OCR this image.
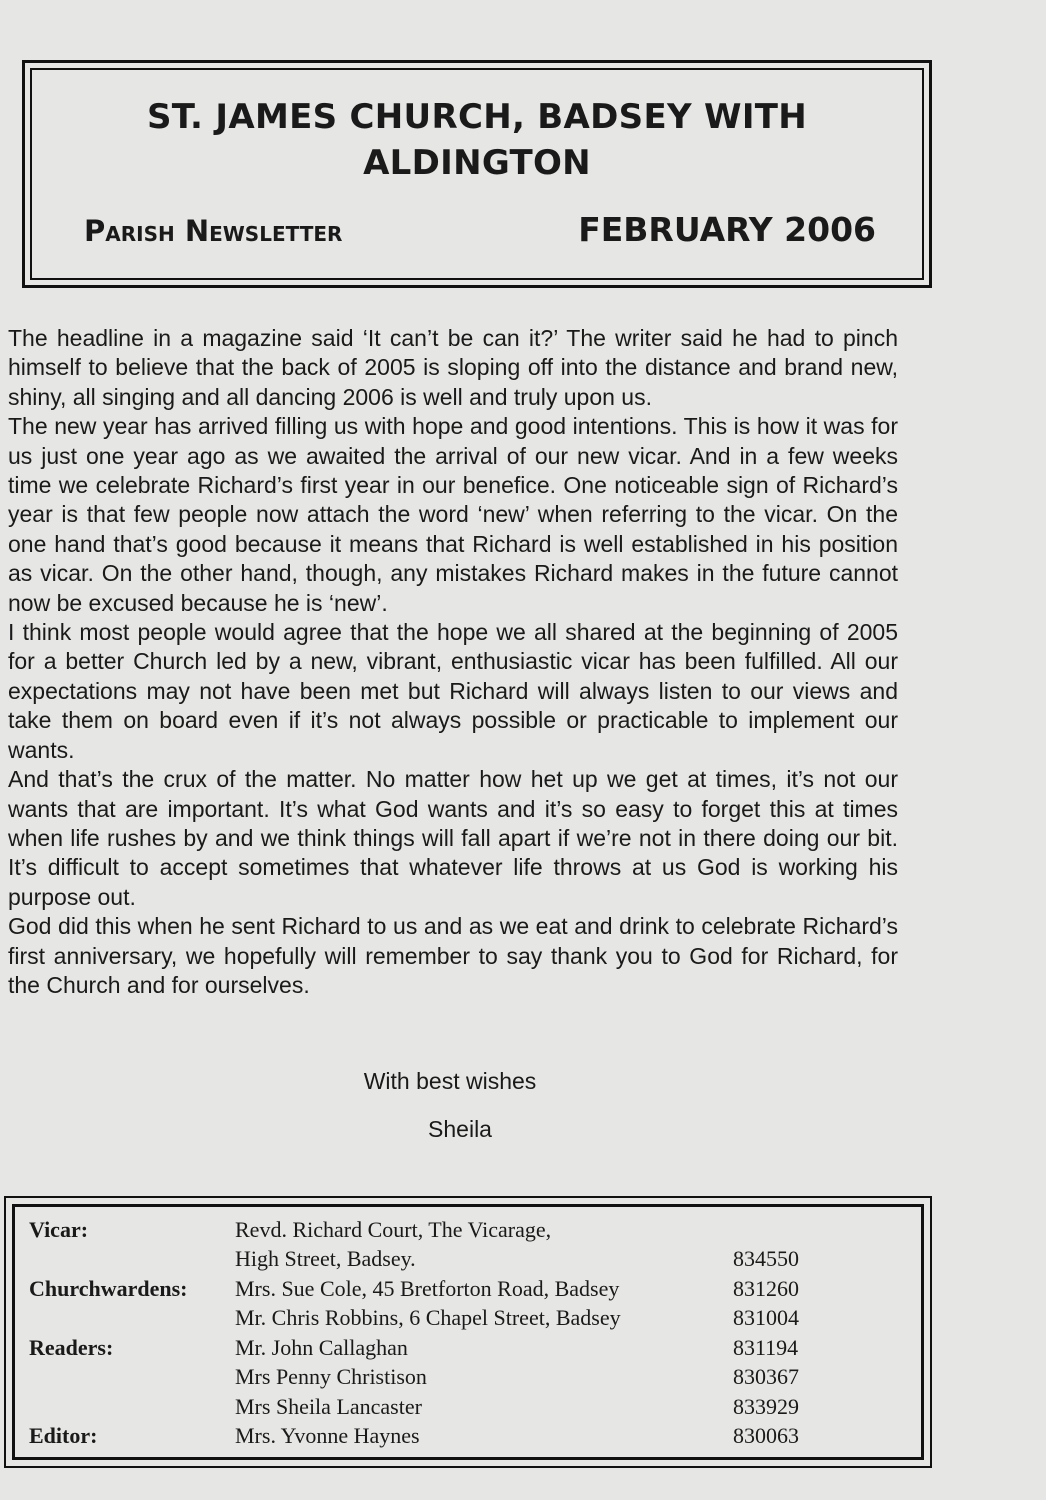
ST. JAMES CHURCH, BADSEY WITH
ALDINGTON
Parish Newsletter	FEBRUARY 2006

The headline in a magazine said ‘It can’t be can it?’ The writer said he had to pinch himself to believe that the back of 2005 is sloping off into the distance and brand new, shiny, all singing and all dancing 2006 is well and truly upon us.

The new year has arrived filling us with hope and good intentions. This is how it was for us just one year ago as we awaited the arrival of our new vicar. And in a few weeks time we celebrate Richard’s first year in our benefice. One noticeable sign of Richard’s year is that few people now attach the word ‘new’ when referring to the vicar. On the one hand that’s good because it means that Richard is well established in his position as vicar. On the other hand, though, any mistakes Richard makes in the future cannot now be excused because he is ‘new’.

I think most people would agree that the hope we all shared at the beginning of 2005 for a better Church led by a new, vibrant, enthusiastic vicar has been fulfilled. All our expectations may not have been met but Richard will always listen to our views and take them on board even if it’s not always possible or practicable to implement our wants.

And that’s the crux of the matter. No matter how het up we get at times, it’s not our wants that are important. It’s what God wants and it’s so easy to forget this at times when life rushes by and we think things will fall apart if we’re not in there doing our bit. It’s difficult to accept sometimes that whatever life throws at us God is working his purpose out.

God did this when he sent Richard to us and as we eat and drink to celebrate Richard’s first anniversary, we hopefully will remember to say thank you to God for Richard, for the Church and for ourselves.

With best wishes
Sheila
Vicar:	Revd. Richard Court, The Vicarage,	
	High Street, Badsey.	834550
Churchwardens:	Mrs. Sue Cole, 45 Bretforton Road, Badsey	831260
	Mr. Chris Robbins, 6 Chapel Street, Badsey	831004
Readers:	Mr. John Callaghan	831194
	Mrs Penny Christison	830367
	Mrs Sheila Lancaster	833929
Editor:	Mrs. Yvonne Haynes	830063
